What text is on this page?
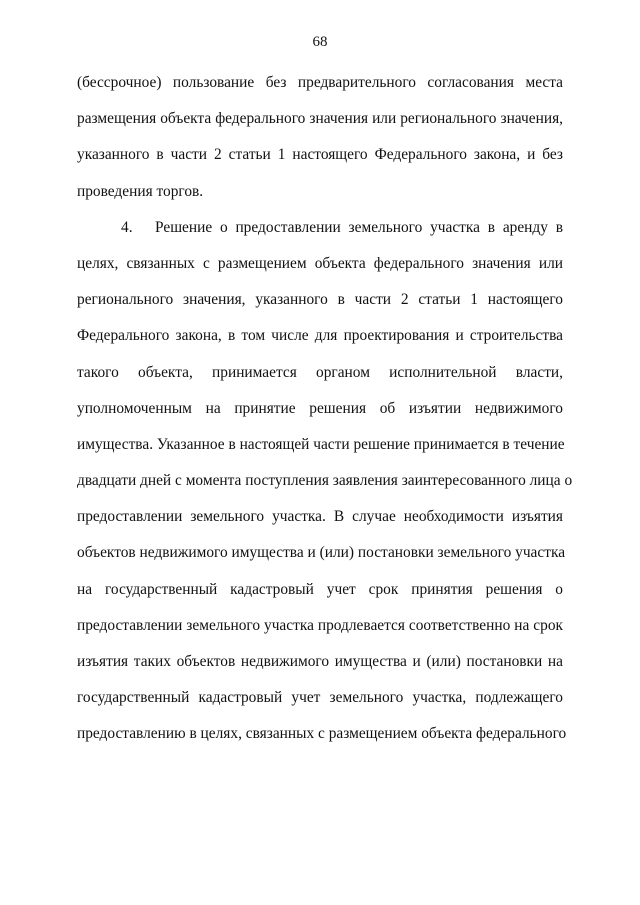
68
(бессрочное) пользование без предварительного согласования места
размещения объекта федерального значения или регионального значения,
указанного в части 2 статьи 1 настоящего Федерального закона, и без
проведения торгов.
4. Решение о предоставлении земельного участка в аренду в
целях, связанных с размещением объекта федерального значения или
регионального значения, указанного в части 2 статьи 1 настоящего
Федерального закона, в том числе для проектирования и строительства
такого объекта, принимается органом исполнительной власти,
уполномоченным на принятие решения об изъятии недвижимого
имущества. Указанное в настоящей части решение принимается в течение
двадцати дней с момента поступления заявления заинтересованного лица о
предоставлении земельного участка. В случае необходимости изъятия
объектов недвижимого имущества и (или) постановки земельного участка
на государственный кадастровый учет срок принятия решения о
предоставлении земельного участка продлевается соответственно на срок
изъятия таких объектов недвижимого имущества и (или) постановки на
государственный кадастровый учет земельного участка, подлежащего
предоставлению в целях, связанных с размещением объекта федерального
